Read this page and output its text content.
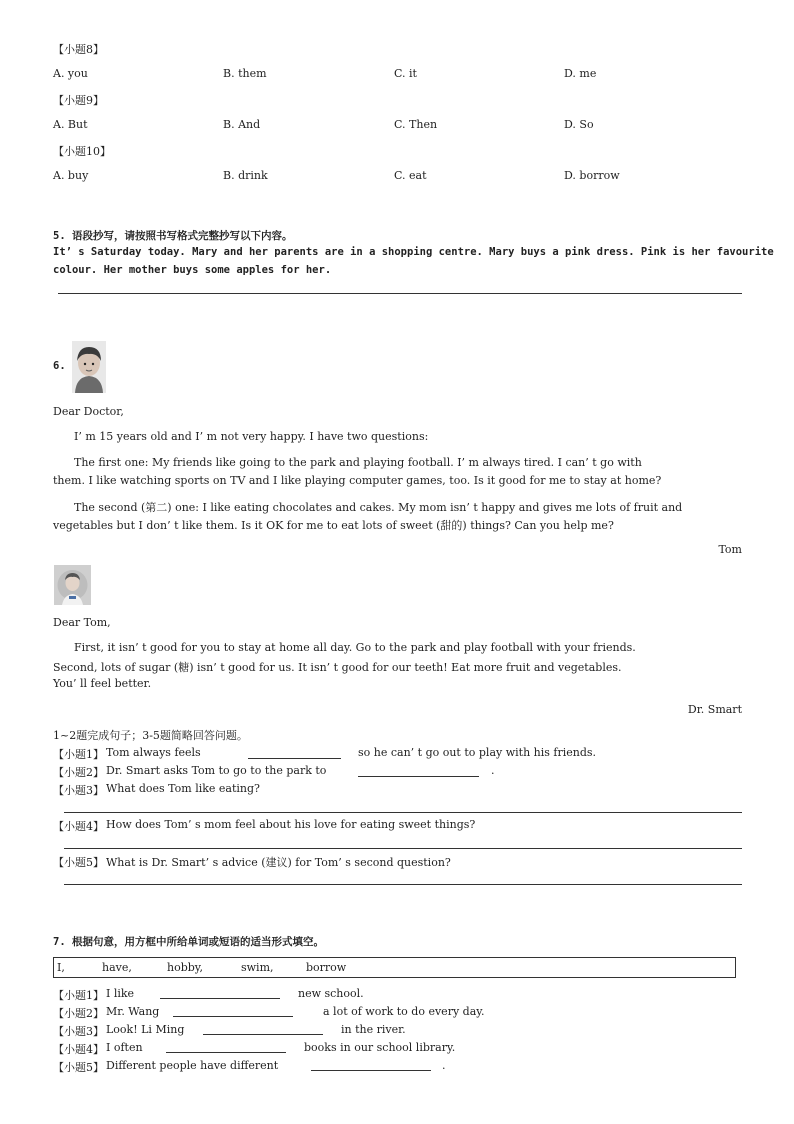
【小题8】
A. you	B. them	C. it	D. me
【小题9】
A. But	B. And	C. Then	D. So
【小题10】
A. buy	B. drink	C. eat	D. borrow
5. 语段抄写，请按照书写格式完整抄写以下内容。
It’ s Saturday today. Mary and her parents are in a shopping centre. Mary buys a pink dress. Pink is her favourite
colour. Her mother buys some apples for her.
6.
Dear Doctor,
I’ m 15 years old and I’ m not very happy. I have two questions:
The first one: My friends like going to the park and playing football. I’ m always tired. I can’ t go with
them. I like watching sports on TV and I like playing computer games, too. Is it good for me to stay at home?
The second (第二) one: I like eating chocolates and cakes. My mom isn’ t happy and gives me lots of fruit and
vegetables but I don’ t like them. Is it OK for me to eat lots of sweet (甜的) things? Can you help me?
Tom
Dear Tom,
First, it isn’ t good for you to stay at home all day. Go to the park and play football with your friends.
Second, lots of sugar (糖) isn’ t good for us. It isn’ t good for our teeth! Eat more fruit and vegetables.
You’ ll feel better.
Dr. Smart
1~2题完成句子；3-5题简略回答问题。
【小题1】 Tom always feels	so he can’ t go out to play with his friends.
【小题2】 Dr. Smart asks Tom to go to the park to	.
【小题3】 What does Tom like eating?
【小题4】 How does Tom’ s mom feel about his love for eating sweet things?
【小题5】 What is Dr. Smart’ s advice (建议) for Tom’ s second question?
7. 根据句意，用方框中所给单词或短语的适当形式填空。
I,	have,	hobby,	swim,	borrow
【小题1】 I like	new school.
【小题2】 Mr. Wang	a lot of work to do every day.
【小题3】 Look! Li Ming	in the river.
【小题4】 I often	books in our school library.
【小题5】 Different people have different	.
